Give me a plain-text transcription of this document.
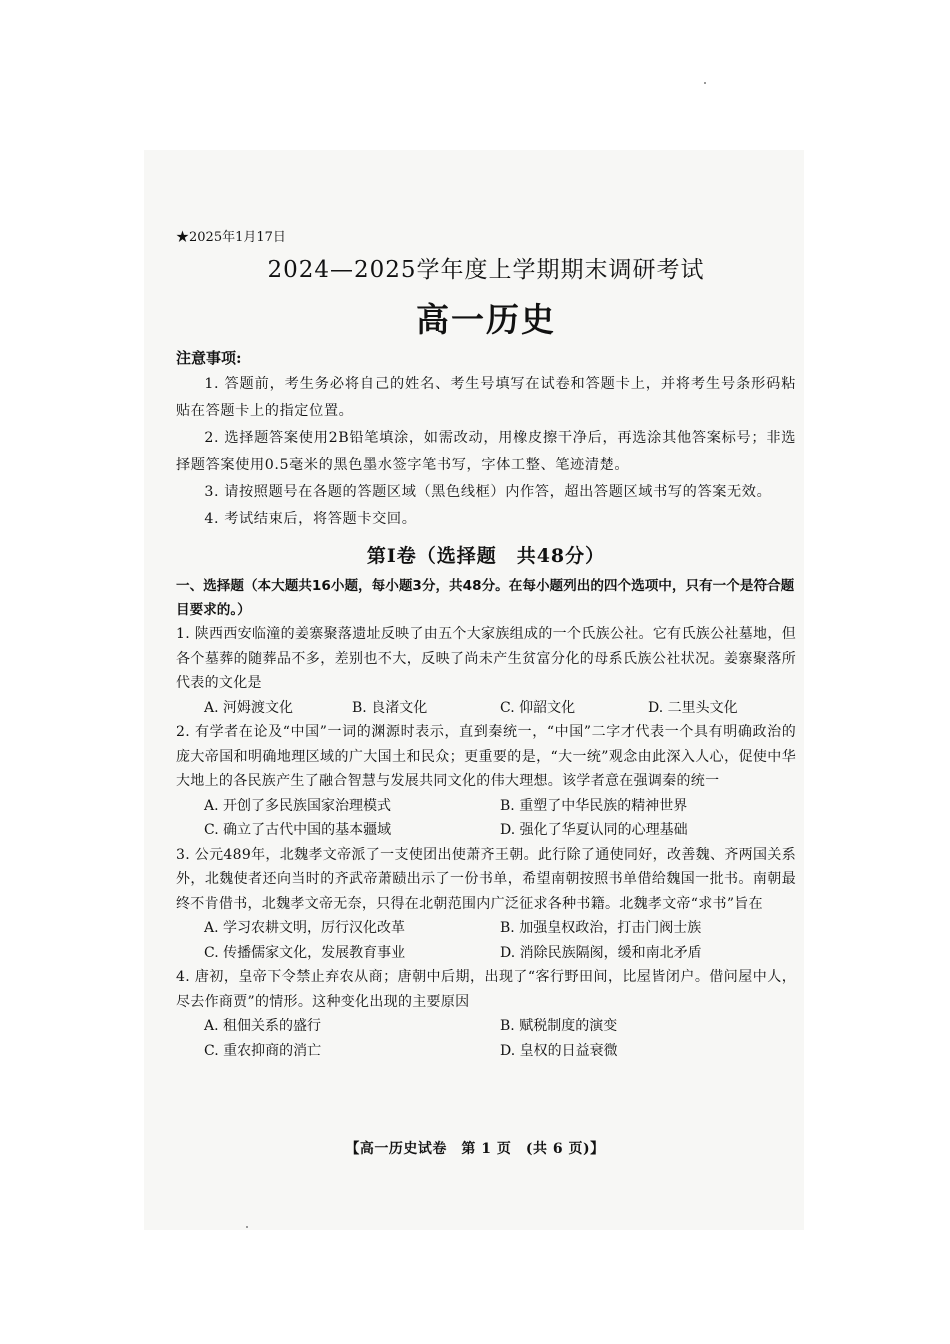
★2025年1月17日
2024—2025学年度上学期期末调研考试
高一历史
注意事项:

1. 答题前，考生务必将自己的姓名、考生号填写在试卷和答题卡上，并将考生号条形码粘贴在答题卡上的指定位置。

2. 选择题答案使用2B铅笔填涂，如需改动，用橡皮擦干净后，再选涂其他答案标号；非选择题答案使用0.5毫米的黑色墨水签字笔书写，字体工整、笔迹清楚。

3. 请按照题号在各题的答题区域（黑色线框）内作答，超出答题区域书写的答案无效。

4. 考试结束后，将答题卡交回。

第Ⅰ卷（选择题　共48分）
一、选择题（本大题共16小题，每小题3分，共48分。在每小题列出的四个选项中，只有一个是符合题目要求的。）
1. 陕西西安临潼的姜寨聚落遗址反映了由五个大家族组成的一个氏族公社。它有氏族公社墓地，但各个墓葬的随葬品不多，差别也不大，反映了尚未产生贫富分化的母系氏族公社状况。姜寨聚落所代表的文化是
A. 河姆渡文化	B. 良渚文化	C. 仰韶文化	D. 二里头文化
2. 有学者在论及“中国”一词的渊源时表示，直到秦统一，“中国”二字才代表一个具有明确政治的庞大帝国和明确地理区域的广大国土和民众；更重要的是，“大一统”观念由此深入人心，促使中华大地上的各民族产生了融合智慧与发展共同文化的伟大理想。该学者意在强调秦的统一
A. 开创了多民族国家治理模式	B. 重塑了中华民族的精神世界
C. 确立了古代中国的基本疆域	D. 强化了华夏认同的心理基础
3. 公元489年，北魏孝文帝派了一支使团出使萧齐王朝。此行除了通使同好，改善魏、齐两国关系外，北魏使者还向当时的齐武帝萧赜出示了一份书单，希望南朝按照书单借给魏国一批书。南朝最终不肯借书，北魏孝文帝无奈，只得在北朝范围内广泛征求各种书籍。北魏孝文帝“求书”旨在
A. 学习农耕文明，厉行汉化改革	B. 加强皇权政治，打击门阀士族
C. 传播儒家文化，发展教育事业	D. 消除民族隔阂，缓和南北矛盾
4. 唐初，皇帝下令禁止弃农从商；唐朝中后期，出现了“客行野田间，比屋皆闭户。借问屋中人，尽去作商贾”的情形。这种变化出现的主要原因
A. 租佃关系的盛行	B. 赋税制度的演变
C. 重农抑商的消亡	D. 皇权的日益衰微
【高一历史试卷　第 1 页　(共 6 页)】
